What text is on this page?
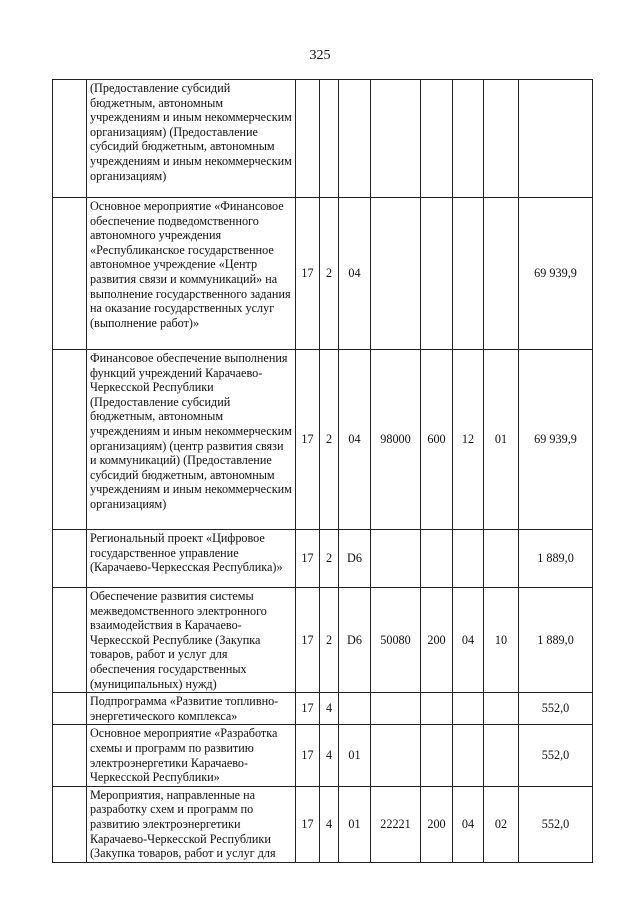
325
	(Предоставление субсидий бюджетным, автономным учреждениям и иным некоммерческим организациям) (Предоставление субсидий бюджетным, автономным учреждениям и иным некоммерческим организациям)								
	Основное мероприятие «Финансовое обеспечение подведомственного автономного учреждения «Республиканское государственное автономное учреждение «Центр развития связи и коммуникаций» на выполнение государственного задания на оказание государственных услуг (выполнение работ)»	17	2	04					69 939,9
	Финансовое обеспечение выполнения функций учреждений Карачаево-Черкесской Республики (Предоставление субсидий бюджетным, автономным учреждениям и иным некоммерческим организациям) (центр развития связи и коммуникаций) (Предоставление субсидий бюджетным, автономным учреждениям и иным некоммерческим организациям)	17	2	04	98000	600	12	01	69 939,9
	Региональный проект «Цифровое государственное управление (Карачаево-Черкесская Республика)»	17	2	D6					1 889,0
	Обеспечение развития системы межведомственного электронного взаимодействия в Карачаево-Черкесской Республике (Закупка товаров, работ и услуг для обеспечения государственных (муниципальных) нужд)	17	2	D6	50080	200	04	10	1 889,0
	Подпрограмма «Развитие топливно-энергетического комплекса»	17	4						552,0
	Основное мероприятие «Разработка схемы и программ по развитию электроэнергетики Карачаево-Черкесской Республики»	17	4	01					552,0
	Мероприятия, направленные на разработку схем и программ по развитию электроэнергетики Карачаево-Черкесской Республики (Закупка товаров, работ и услуг для	17	4	01	22221	200	04	02	552,0
